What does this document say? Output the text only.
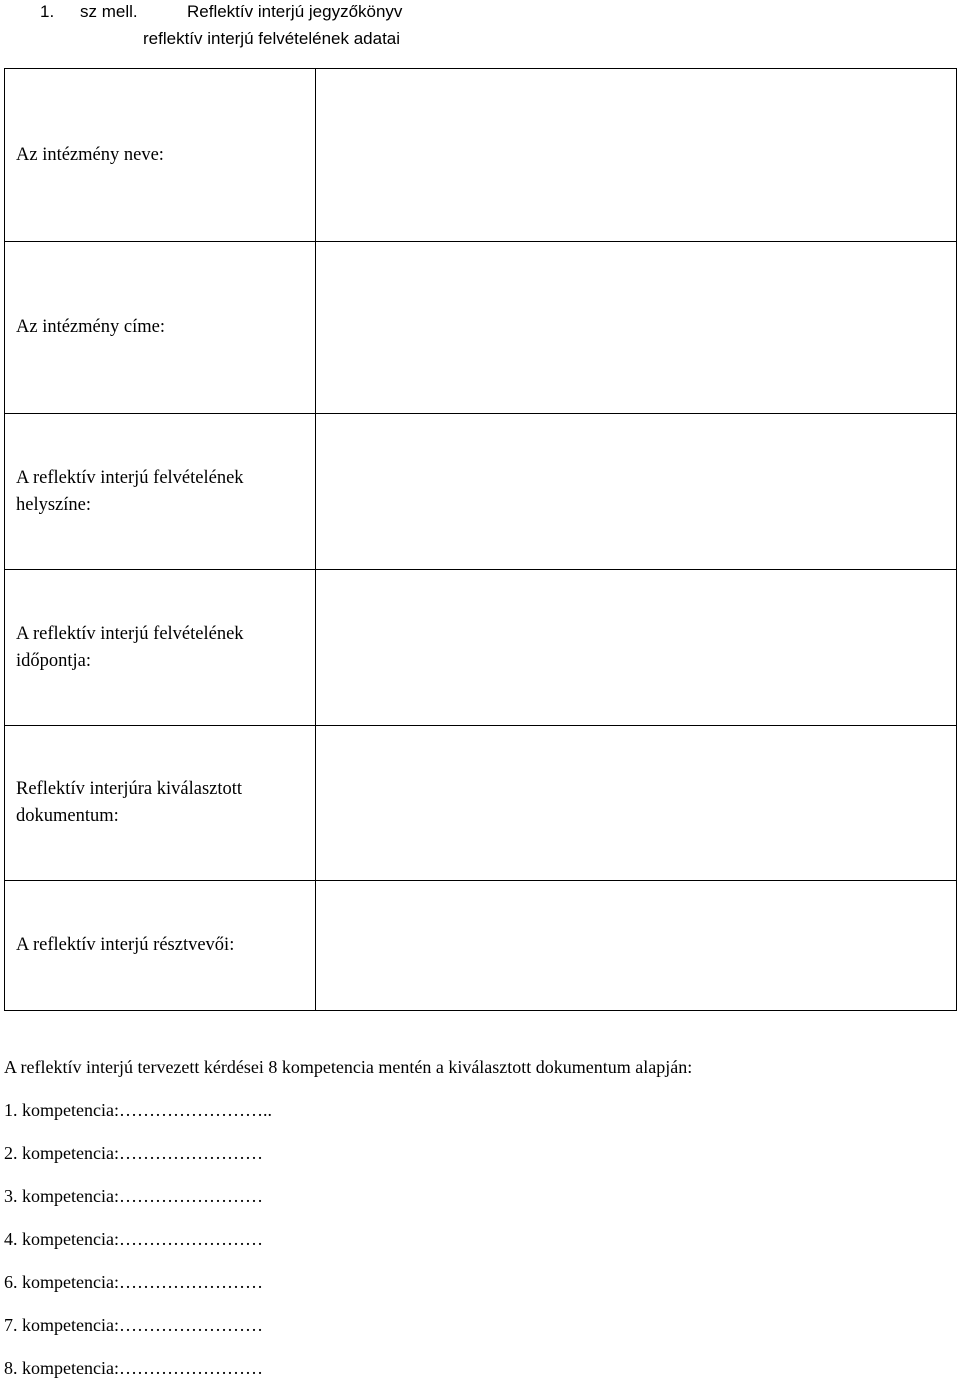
1. sz mell.	Reflektív interjú jegyzőkönyv
reflektív interjú felvételének adatai
Az intézmény neve:	
Az intézmény címe:	
A reflektív interjú felvételének helyszíne:	
A reflektív interjú felvételének időpontja:	
Reflektív interjúra kiválasztott dokumentum:	
A reflektív interjú résztvevői:	
A reflektív interjú tervezett kérdései 8 kompetencia mentén a kiválasztott dokumentum alapján:
1. kompetencia:……………………..
2. kompetencia:……………………
3. kompetencia:……………………
4. kompetencia:……………………
6. kompetencia:……………………
7. kompetencia:……………………
8. kompetencia:……………………
